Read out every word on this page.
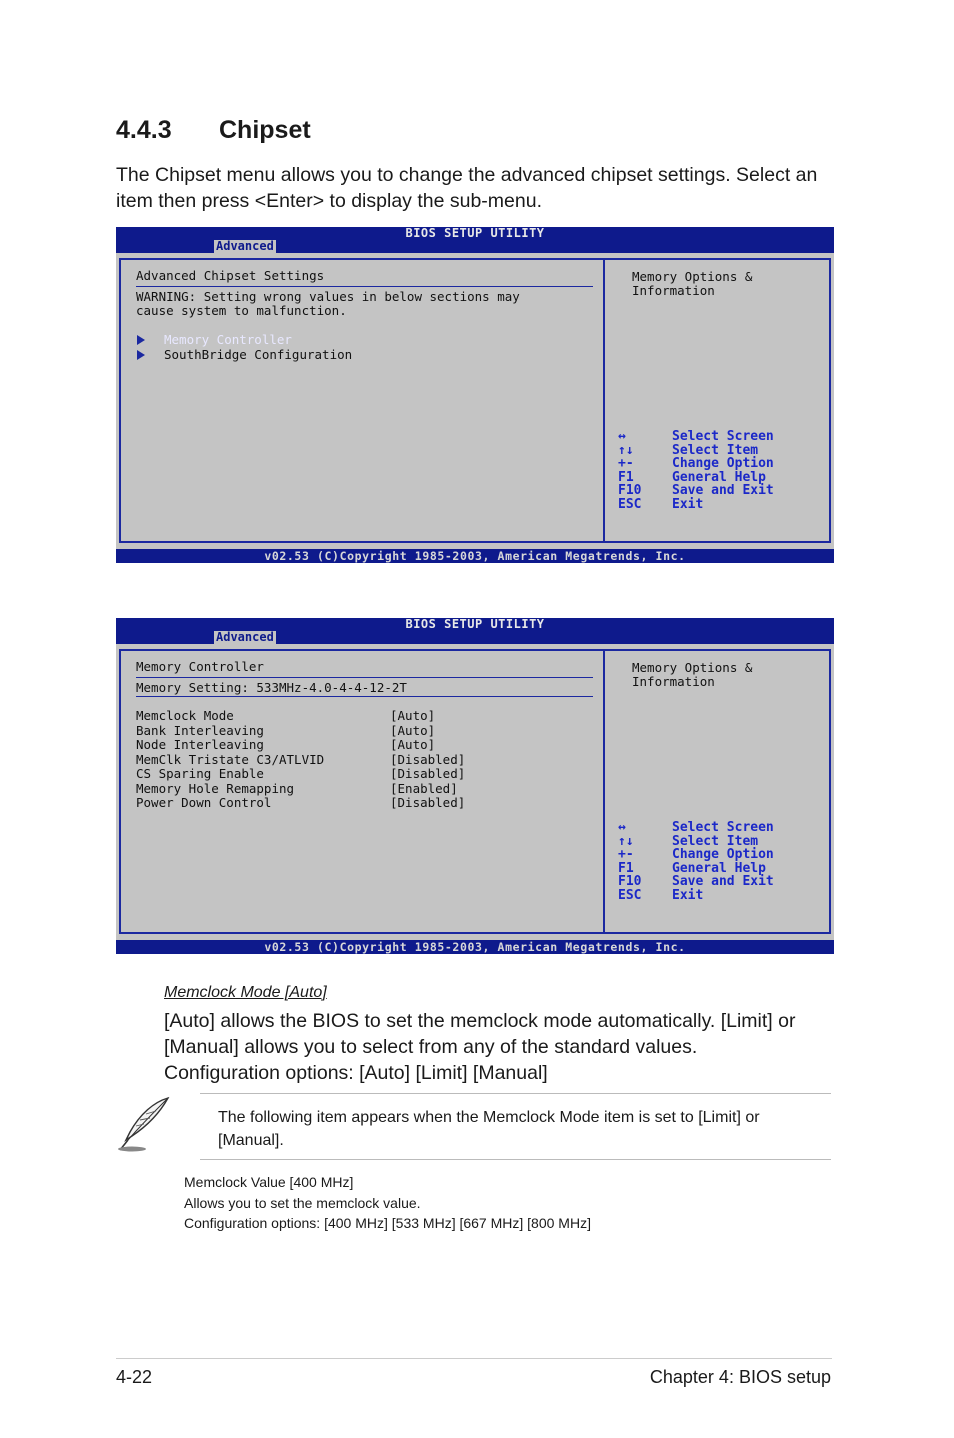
4.4.3 Chipset
The Chipset menu allows you to change the advanced chipset settings. Select an item then press <Enter> to display the sub-menu.
BIOS SETUP UTILITY
Advanced
Advanced Chipset Settings
WARNING: Setting wrong values in below sections may
cause system to malfunction.
Memory Controller
SouthBridge Configuration
Memory Options &
Information
↔	Select Screen
↑↓	Select Item
+-	Change Option
F1	General Help
F10	Save and Exit
ESC	Exit
v02.53 (C)Copyright 1985-2003, American Megatrends, Inc.
BIOS SETUP UTILITY
Advanced
Memory Controller
Memory Setting: 533MHz-4.0-4-4-12-2T
Memclock Mode	[Auto]
Bank Interleaving	[Auto]
Node Interleaving	[Auto]
MemClk Tristate C3/ATLVID	[Disabled]
CS Sparing Enable	[Disabled]
Memory Hole Remapping	[Enabled]
Power Down Control	[Disabled]
Memory Options &
Information
↔	Select Screen
↑↓	Select Item
+-	Change Option
F1	General Help
F10	Save and Exit
ESC	Exit
v02.53 (C)Copyright 1985-2003, American Megatrends, Inc.
Memclock Mode [Auto]
[Auto] allows the BIOS to set the memclock mode automatically. [Limit] or
[Manual] allows you to select from any of the standard values.
Configuration options: [Auto] [Limit] [Manual]
The following item appears when the Memclock Mode item is set to [Limit] or [Manual].
Memclock Value [400 MHz]
Allows you to set the memclock value.
Configuration options: [400 MHz] [533 MHz] [667 MHz] [800 MHz]
4-22	Chapter 4: BIOS setup
